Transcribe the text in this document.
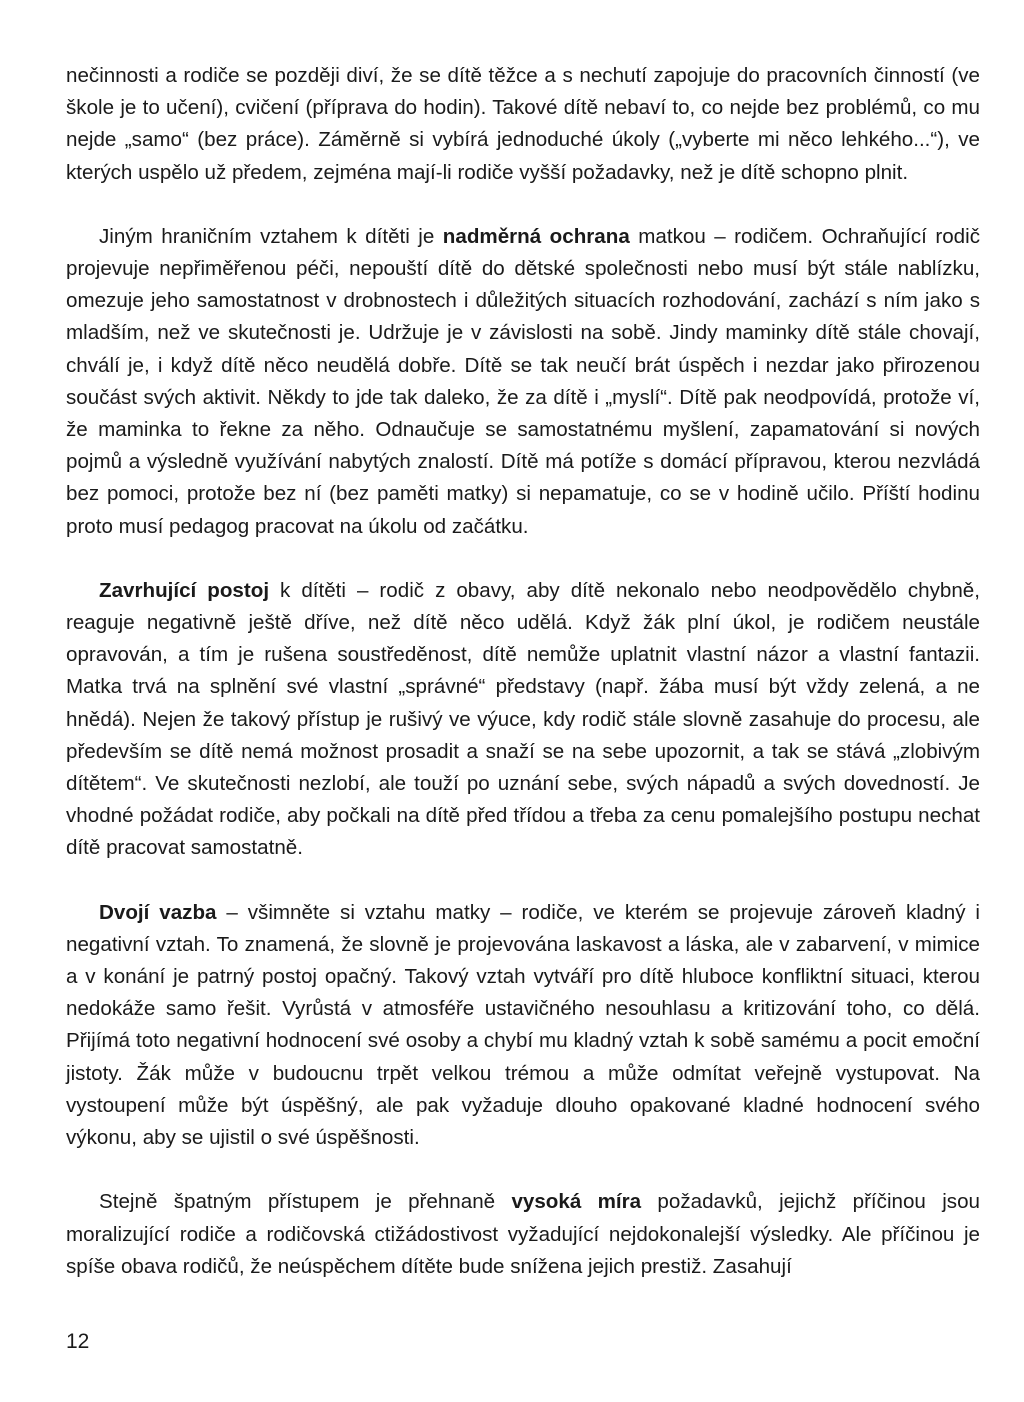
nečinnosti a rodiče se později diví, že se dítě těžce a s nechutí zapojuje do pracovních činností (ve škole je to učení), cvičení (příprava do hodin). Takové dítě nebaví to, co nejde bez problémů, co mu nejde „samo“ (bez práce). Záměrně si vybírá jednoduché úkoly („vyberte mi něco lehkého...“), ve kterých uspělo už předem, zejména mají-li rodiče vyšší požadavky, než je dítě schopno plnit.

Jiným hraničním vztahem k dítěti je nadměrná ochrana matkou – rodičem. Ochraňující rodič projevuje nepřiměřenou péči, nepouští dítě do dětské společnosti nebo musí být stále nablízku, omezuje jeho samostatnost v drobnostech i důležitých situacích rozhodování, zachází s ním jako s mladším, než ve skutečnosti je. Udržuje je v závislosti na sobě. Jindy maminky dítě stále chovají, chválí je, i když dítě něco neudělá dobře. Dítě se tak neučí brát úspěch i nezdar jako přirozenou součást svých aktivit. Někdy to jde tak daleko, že za dítě i „myslí“. Dítě pak neodpovídá, protože ví, že maminka to řekne za něho. Odnaučuje se samostatnému myšlení, zapamatování si nových pojmů a výsledně využívání nabytých znalostí. Dítě má potíže s domácí přípravou, kterou nezvládá bez pomoci, protože bez ní (bez paměti matky) si nepamatuje, co se v hodině učilo. Příští hodinu proto musí pedagog pracovat na úkolu od začátku.

Zavrhující postoj k dítěti – rodič z obavy, aby dítě nekonalo nebo neodpovědělo chybně, reaguje negativně ještě dříve, než dítě něco udělá. Když žák plní úkol, je rodičem neustále opravován, a tím je rušena soustředěnost, dítě nemůže uplatnit vlastní názor a vlastní fantazii. Matka trvá na splnění své vlastní „správné“ představy (např. žába musí být vždy zelená, a ne hnědá). Nejen že takový přístup je rušivý ve výuce, kdy rodič stále slovně zasahuje do procesu, ale především se dítě nemá možnost prosadit a snaží se na sebe upozornit, a tak se stává „zlobivým dítětem“. Ve skutečnosti nezlobí, ale touží po uznání sebe, svých nápadů a svých dovedností. Je vhodné požádat rodiče, aby počkali na dítě před třídou a třeba za cenu pomalejšího postupu nechat dítě pracovat samostatně.

Dvojí vazba – všimněte si vztahu matky – rodiče, ve kterém se projevuje zároveň kladný i negativní vztah. To znamená, že slovně je projevována laskavost a láska, ale v zabarvení, v mimice a v konání je patrný postoj opačný. Takový vztah vytváří pro dítě hluboce konfliktní situaci, kterou nedokáže samo řešit. Vyrůstá v atmosféře ustavičného nesouhlasu a kritizování toho, co dělá. Přijímá toto negativní hodnocení své osoby a chybí mu kladný vztah k sobě samému a pocit emoční jistoty. Žák může v budoucnu trpět velkou trémou a může odmítat veřejně vystupovat. Na vystoupení může být úspěšný, ale pak vyžaduje dlouho opakované kladné hodnocení svého výkonu, aby se ujistil o své úspěšnosti.

Stejně špatným přístupem je přehnaně vysoká míra požadavků, jejichž příčinou jsou moralizující rodiče a rodičovská ctižádostivost vyžadující nejdokonalejší výsledky. Ale příčinou je spíše obava rodičů, že neúspěchem dítěte bude snížena jejich prestiž. Zasahují

12
